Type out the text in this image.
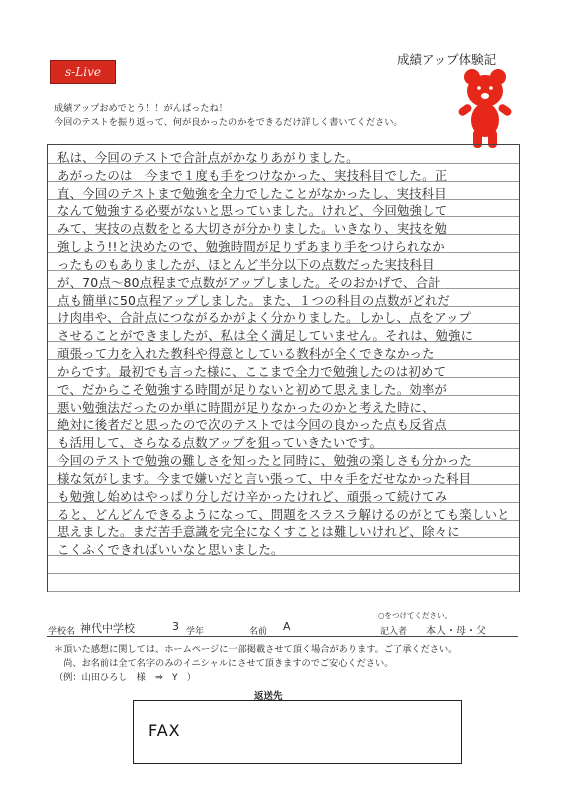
s-Live
成績アップ体験記
成績アップおめでとう！！がんばったね！
今回のテストを振り返って、何が良かったのかをできるだけ詳しく書いてください。
私は、今回のテストで合計点がかなりあがりました。
あがったのは　今まで１度も手をつけなかった、実技科目でした。正
直、今回のテストまで勉強を全力でしたことがなかったし、実技科目
なんて勉強する必要がないと思っていました。けれど、今回勉強して
みて、実技の点数をとる大切さが分かりました。いきなり、実技を勉
強しよう!!と決めたので、勉強時間が足りずあまり手をつけられなか
ったものもありましたが、ほとんど半分以下の点数だった実技科目
が、70点～80点程まで点数がアップしました。そのおかげで、合計
点も簡単に50点程アップしました。また、１つの科目の点数がどれだ
け肉串や、合計点につながるかがよく分かりました。しかし、点をアップ
させることができましたが、私は全く満足していません。それは、勉強に
頑張って力を入れた教科や得意としている教科が全くできなかった
からです。最初でも言った様に、ここまで全力で勉強したのは初めて
で、だからこそ勉強する時間が足りないと初めて思えました。効率が
悪い勉強法だったのか単に時間が足りなかったのかと考えた時に、
絶対に後者だと思ったので次のテストでは今回の良かった点も反省点
も活用して、さらなる点数アップを狙っていきたいです。
今回のテストで勉強の難しさを知ったと同時に、勉強の楽しさも分かった
様な気がします。今まで嫌いだと言い張って、中々手をだせなかった科目
も勉強し始めはやっぱり分しだけ辛かったけれど、頑張って続けてみ
ると、どんどんできるようになって、問題をスラスラ解けるのがとても楽しいと
思えました。まだ苦手意識を完全になくすことは難しいけれど、除々に
こくふくできればいいなと思いました。
○をつけてください。
学校名 神代中学校	3 学年	名前 A	記入者 本人・母・父
＊頂いた感想に関しては、ホームページに一部掲載させて頂く場合があります。ご了承ください。
　尚、お名前は全て名字のみのイニシャルにさせて頂きますのでご安心ください。
（例：山田ひろし　様　⇒　Y　）
返送先
FAX
